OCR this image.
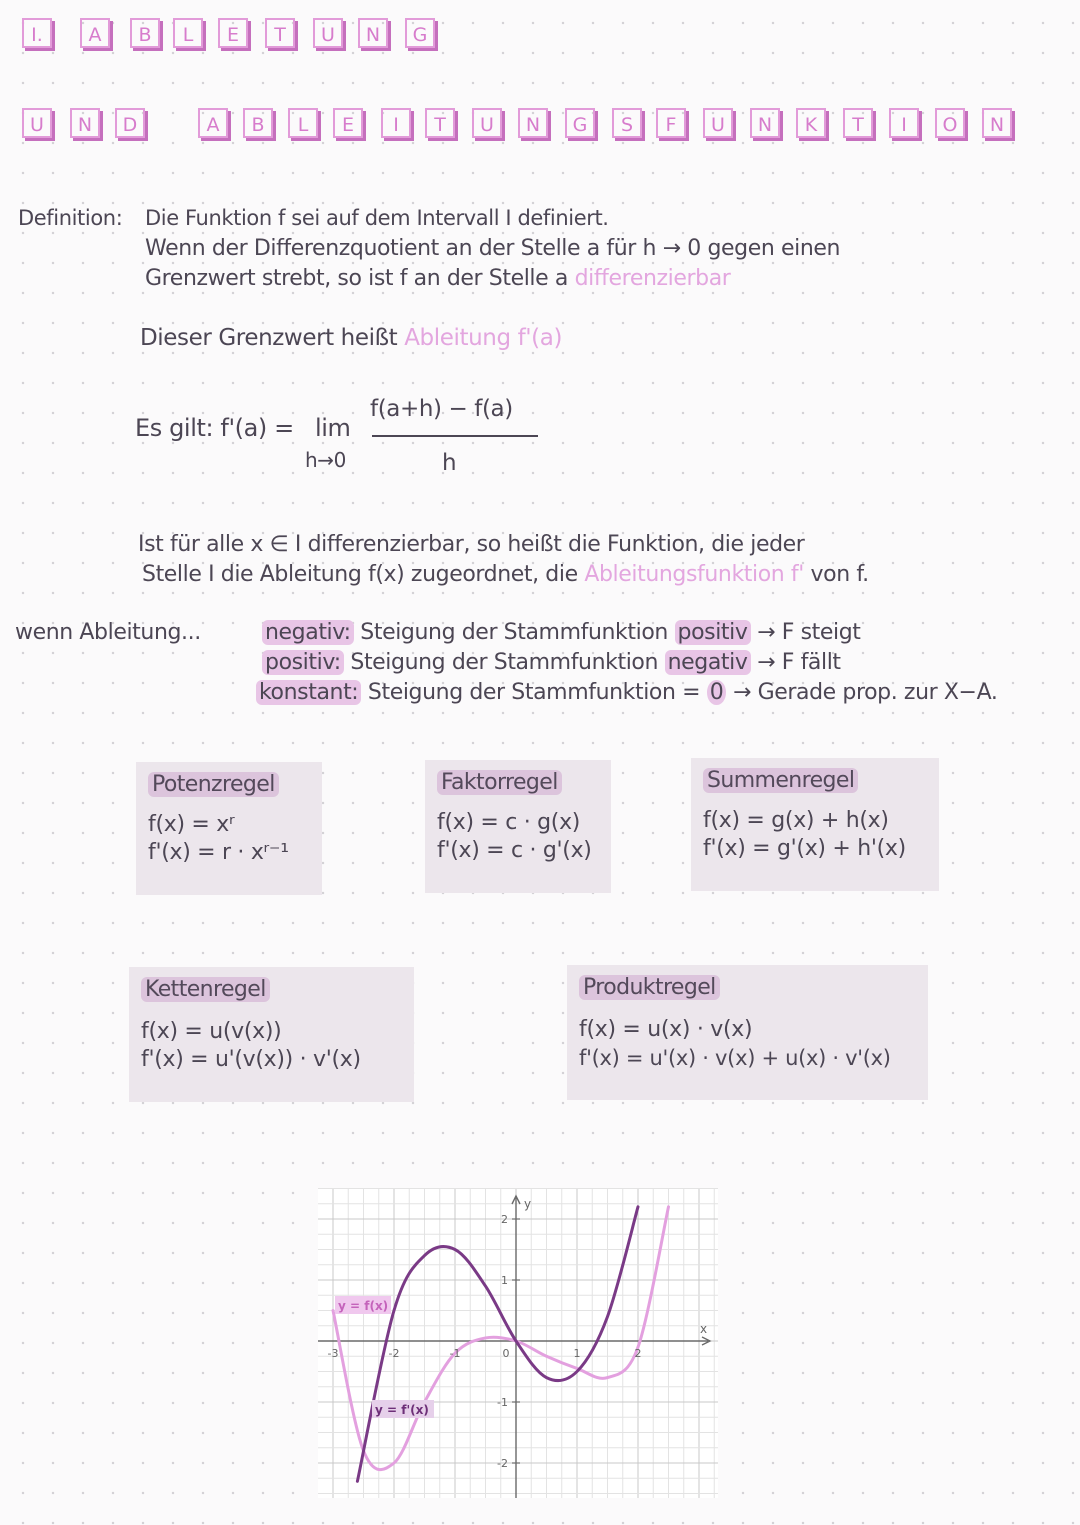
I.	A	B	L	E	T	U	N	G
U	N	D	A	B	L	E	I	T	U	N	G	S	F	U	N	K	T	I	O	N
Definition: Die Funktion f sei auf dem Intervall I definiert.
Wenn der Differenzquotient an der Stelle a für h → 0 gegen einen
Grenzwert strebt, so ist f an der Stelle a differenzierbar
Dieser Grenzwert heißt Ableitung f'(a)
Es gilt: f'(a) = lim
h→0
f(a+h) − f(a)
h
Ist für alle x ∈ I differenzierbar, so heißt die Funktion, die jeder
Stelle I die Ableitung f(x) zugeordnet, die Ableitungsfunktion f' von f.
wenn Ableitung...	negativ: Steigung der Stammfunktion positiv → F steigt
positiv: Steigung der Stammfunktion negativ → F fällt
konstant: Steigung der Stammfunktion = 0 → Gerade prop. zur X−A.
Potenzregel
f(x) = xʳ
f'(x) = r · xʳ⁻¹
Faktorregel
f(x) = c · g(x)
f'(x) = c · g'(x)
Summenregel
f(x) = g(x) + h(x)
f'(x) = g'(x) + h'(x)
Kettenregel
f(x) = u(v(x))
f'(x) = u'(v(x)) · v'(x)
Produktregel
f(x) = u(x) · v(x)
f'(x) = u'(x) · v(x) + u(x) · v'(x)
-3	-2	-1	0	1	2
2
1
-1
-2
x
y
y = f(x)
y = f'(x)
